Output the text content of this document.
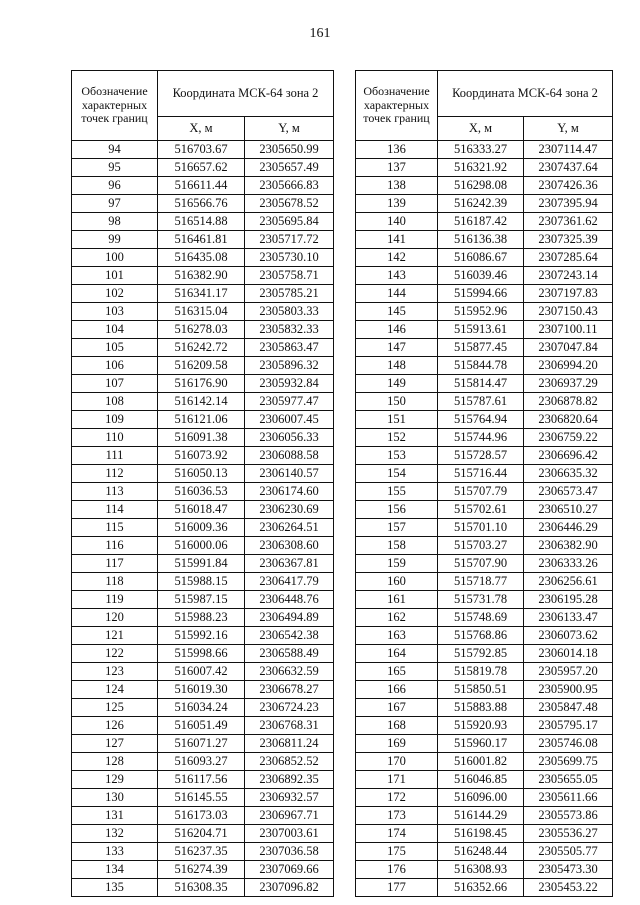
161
Обозначение характерных точек границ	Координата МСК-64 зона 2	
	X, м	Y, м
94	516703.67	2305650.99
95	516657.62	2305657.49
96	516611.44	2305666.83
97	516566.76	2305678.52
98	516514.88	2305695.84
99	516461.81	2305717.72
100	516435.08	2305730.10
101	516382.90	2305758.71
102	516341.17	2305785.21
103	516315.04	2305803.33
104	516278.03	2305832.33
105	516242.72	2305863.47
106	516209.58	2305896.32
107	516176.90	2305932.84
108	516142.14	2305977.47
109	516121.06	2306007.45
110	516091.38	2306056.33
111	516073.92	2306088.58
112	516050.13	2306140.57
113	516036.53	2306174.60
114	516018.47	2306230.69
115	516009.36	2306264.51
116	516000.06	2306308.60
117	515991.84	2306367.81
118	515988.15	2306417.79
119	515987.15	2306448.76
120	515988.23	2306494.89
121	515992.16	2306542.38
122	515998.66	2306588.49
123	516007.42	2306632.59
124	516019.30	2306678.27
125	516034.24	2306724.23
126	516051.49	2306768.31
127	516071.27	2306811.24
128	516093.27	2306852.52
129	516117.56	2306892.35
130	516145.55	2306932.57
131	516173.03	2306967.71
132	516204.71	2307003.61
133	516237.35	2307036.58
134	516274.39	2307069.66
135	516308.35	2307096.82
Обозначение характерных точек границ	Координата МСК-64 зона 2	
	X, м	Y, м
136	516333.27	2307114.47
137	516321.92	2307437.64
138	516298.08	2307426.36
139	516242.39	2307395.94
140	516187.42	2307361.62
141	516136.38	2307325.39
142	516086.67	2307285.64
143	516039.46	2307243.14
144	515994.66	2307197.83
145	515952.96	2307150.43
146	515913.61	2307100.11
147	515877.45	2307047.84
148	515844.78	2306994.20
149	515814.47	2306937.29
150	515787.61	2306878.82
151	515764.94	2306820.64
152	515744.96	2306759.22
153	515728.57	2306696.42
154	515716.44	2306635.32
155	515707.79	2306573.47
156	515702.61	2306510.27
157	515701.10	2306446.29
158	515703.27	2306382.90
159	515707.90	2306333.26
160	515718.77	2306256.61
161	515731.78	2306195.28
162	515748.69	2306133.47
163	515768.86	2306073.62
164	515792.85	2306014.18
165	515819.78	2305957.20
166	515850.51	2305900.95
167	515883.88	2305847.48
168	515920.93	2305795.17
169	515960.17	2305746.08
170	516001.82	2305699.75
171	516046.85	2305655.05
172	516096.00	2305611.66
173	516144.29	2305573.86
174	516198.45	2305536.27
175	516248.44	2305505.77
176	516308.93	2305473.30
177	516352.66	2305453.22
